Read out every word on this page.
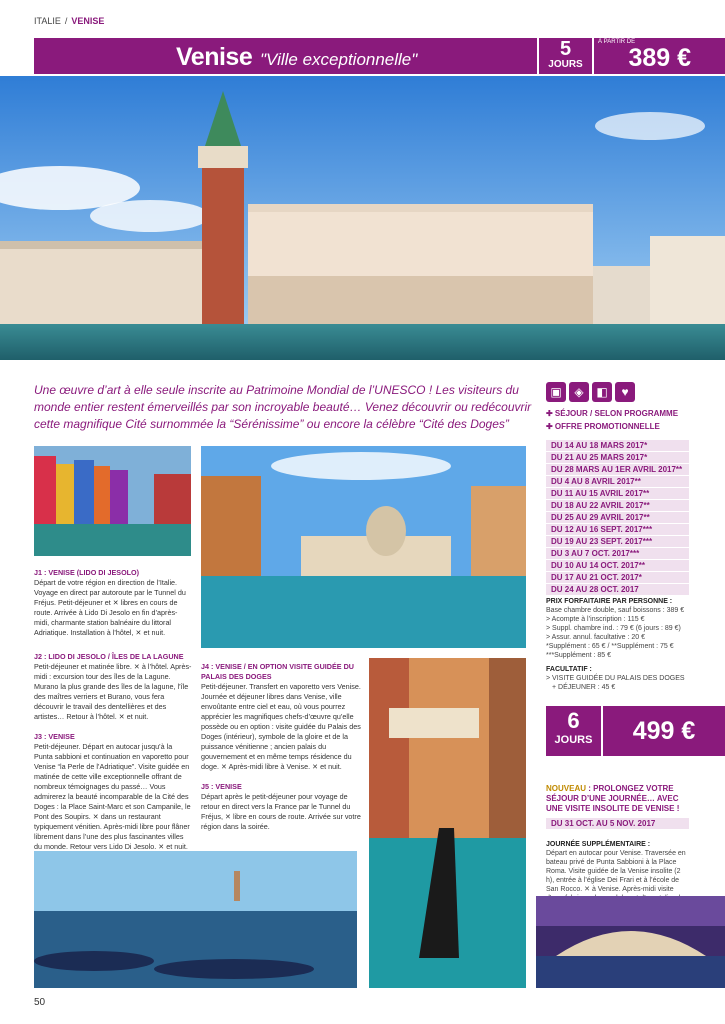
ITALIE / VENISE
Venise "Ville exceptionnelle"	5
JOURS
À PARTIR DE
389 €
Une œuvre d’art à elle seule inscrite au Patrimoine Mondial de l’UNESCO ! Les visiteurs du monde entier restent émerveillés par son incroyable beauté… Venez découvrir ou redécouvrir cette magnifique Cité surnommée la “Sérénissime” ou encore la célèbre “Cité des Doges”
▣ ◈ ◧ ♥
✚ SÉJOUR / SELON PROGRAMME
✚ OFFRE PROMOTIONNELLE
DU 14 AU 18 MARS 2017*
DU 21 AU 25 MARS 2017*
DU 28 MARS AU 1ER AVRIL 2017**
DU 4 AU 8 AVRIL 2017**
DU 11 AU 15 AVRIL 2017**
DU 18 AU 22 AVRIL 2017**
DU 25 AU 29 AVRIL 2017**
DU 12 AU 16 SEPT. 2017***
DU 19 AU 23 SEPT. 2017***
DU 3 AU 7 OCT. 2017***
DU 10 AU 14 OCT. 2017**
DU 17 AU 21 OCT. 2017*
DU 24 AU 28 OCT. 2017
PRIX FORFAITAIRE PAR PERSONNE :
Base chambre double, sauf boissons : 389 €
> Acompte à l’inscription : 115 €
> Suppl. chambre ind. : 79 € (6 jours : 89 €)
> Assur. annul. facultative : 20 €
*Supplément : 65 € / **Supplément : 75 €
***Supplément : 85 €
FACULTATIF :
> VISITE GUIDÉE DU PALAIS DES DOGES
+ DÉJEUNER : 45 €
6
JOURS	499 €
NOUVEAU : PROLONGEZ VOTRE SÉJOUR D’UNE JOURNÉE… AVEC UNE VISITE INSOLITE DE VENISE !
DU 31 OCT. AU 5 NOV. 2017
JOURNÉE SUPPLÉMENTAIRE :
Départ en autocar pour Venise. Traversée en bateau privé de Punta Sabbioni à la Place Roma. Visite guidée de la Venise insolite (2 h), entrée à l’église Dei Frari et à l’école de San Rocco. ✕ à Venise. Après-midi visite
J1 : VENISE (LIDO DI JESOLO)
Départ de votre région en direction de l’Italie. Voyage en direct par autoroute par le Tunnel du Fréjus. Petit-déjeuner et ✕ libres en cours de route. Arrivée à Lido Di Jesolo en fin d’après-midi, charmante station balnéaire du littoral Adriatique. Installation à l’hôtel, ✕ et nuit.
J2 : LIDO DI JESOLO / ÎLES DE LA LAGUNE
Petit-déjeuner et matinée libre. ✕ à l’hôtel. Après-midi : excursion tour des îles de la Lagune. Murano la plus grande des îles de la lagune, l’île des maîtres verriers et Burano, vous fera découvrir le travail des dentellières et des artistes… Retour à l’hôtel. ✕ et nuit.
J3 : VENISE
Petit-déjeuner. Départ en autocar jusqu’à la Punta sabbioni et continuation en vaporetto pour Venise “la Perle de l’Adriatique”. Visite guidée en matinée de cette ville exceptionnelle offrant de nombreux témoignages du passé… Vous admirerez la beauté incomparable de la Cité des Doges : la Place Saint-Marc et son Campanile, le Pont des Soupirs. ✕ dans un restaurant typiquement vénitien. Après-midi libre pour flâner librement dans l’une des plus fascinantes villes du monde. Retour vers Lido Di Jesolo. ✕ et nuit.
J4 : VENISE / EN OPTION VISITE GUIDÉE DU PALAIS DES DOGES
Petit-déjeuner. Transfert en vaporetto vers Venise. Journée et déjeuner libres dans Venise, ville envoûtante entre ciel et eau, où vous pourrez apprécier les magnifiques chefs-d’œuvre qu’elle possède ou en option : visite guidée du Palais des Doges (intérieur), symbole de la gloire et de la puissance vénitienne ; ancien palais du gouvernement et en même temps résidence du doge. ✕ Après-midi libre à Venise. ✕ et nuit.
J5 : VENISE
Départ après le petit-déjeuner pour voyage de retour en direct vers la France par le Tunnel du Fréjus, ✕ libre en cours de route. Arrivée sur votre région dans la soirée.
50
